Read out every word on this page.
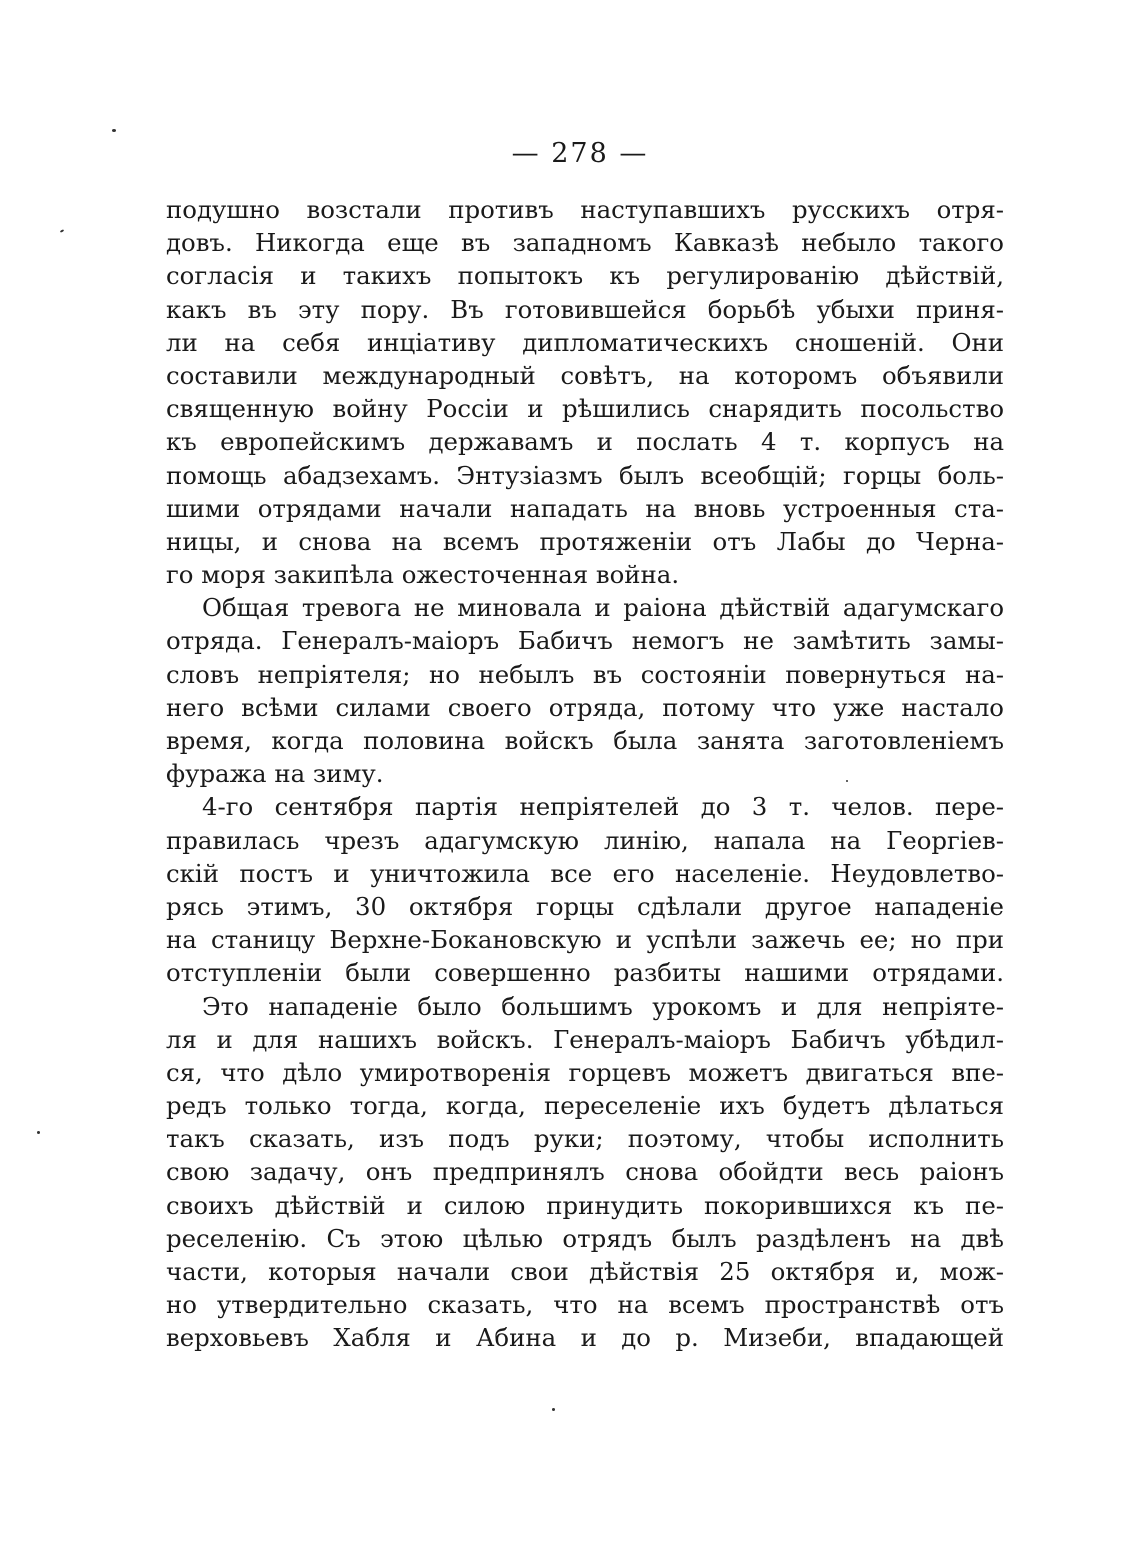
— 278 —
подушно возстали противъ наступавшихъ русскихъ отря-
довъ. Никогда еще въ западномъ Кавказѣ небыло такого
согласія и такихъ попытокъ къ регулированію дѣйствій,
какъ въ эту пору. Въ готовившейся борьбѣ убыхи приня-
ли на себя инціативу дипломатическихъ сношеній. Они
составили международный совѣтъ, на которомъ объявили
священную войну Россіи и рѣшились снарядить посольство
къ европейскимъ державамъ и послать 4 т. корпусъ на
помощь абадзехамъ. Энтузіазмъ былъ всеобщій; горцы боль-
шими отрядами начали нападать на вновь устроенныя ста-
ницы, и снова на всемъ протяженіи отъ Лабы до Черна-
го моря закипѣла ожесточенная война.
Общая тревога не миновала и раіона дѣйствій адагумскаго
отряда. Генералъ-маіоръ Бабичъ немогъ не замѣтить замы-
словъ непріятеля; но небылъ въ состояніи повернуться на-
него всѣми силами своего отряда, потому что уже настало
время, когда половина войскъ была занята заготовленіемъ
фуража на зиму.
4-го сентября партія непріятелей до 3 т. челов. пере-
правилась чрезъ адагумскую линію, напала на Георгіев-
скій постъ и уничтожила все его населеніе. Неудовлетво-
рясь этимъ, 30 октября горцы сдѣлали другое нападеніе
на станицу Верхне-Бокановскую и успѣли зажечь ее; но при
отступленіи были совершенно разбиты нашими отрядами.
Это нападеніе было большимъ урокомъ и для непріяте-
ля и для нашихъ войскъ. Генералъ-маіоръ Бабичъ убѣдил-
ся, что дѣло умиротворенія горцевъ можетъ двигаться впе-
редъ только тогда, когда, переселеніе ихъ будетъ дѣлаться
такъ сказать, изъ подъ руки; поэтому, чтобы исполнить
свою задачу, онъ предпринялъ снова обойдти весь раіонъ
своихъ дѣйствій и силою принудить покорившихся къ пе-
реселенію. Съ этою цѣлью отрядъ былъ раздѣленъ на двѣ
части, которыя начали свои дѣйствія 25 октября и, мож-
но утвердительно сказать, что на всемъ пространствѣ отъ
верховьевъ Хабля и Абина и до р. Мизеби, впадающей
